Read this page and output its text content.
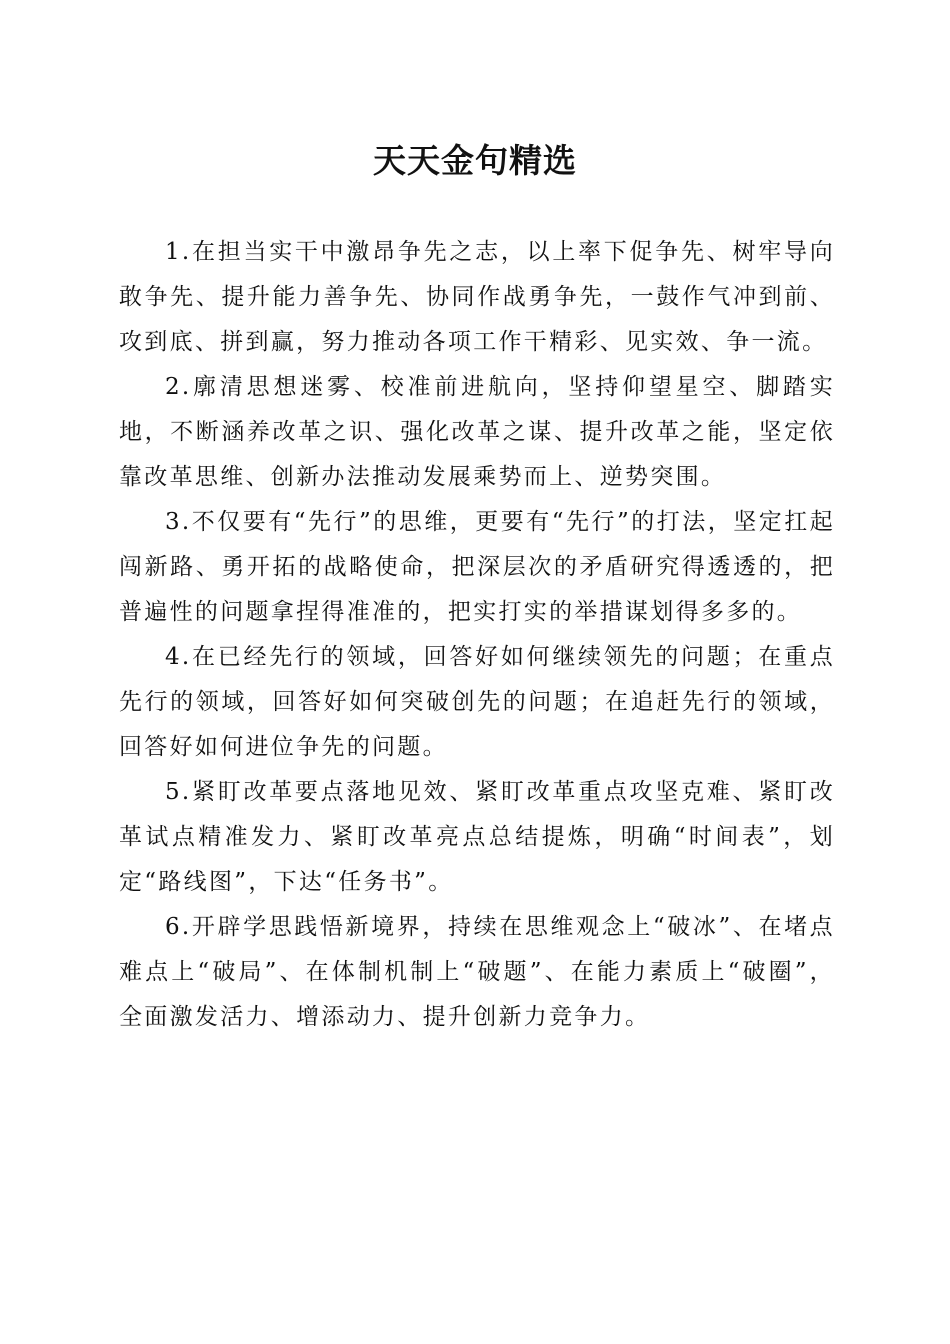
天天金句精选

1.在担当实干中激昂争先之志，以上率下促争先、树牢导向敢争先、提升能力善争先、协同作战勇争先，一鼓作气冲到前、攻到底、拼到赢，努力推动各项工作干精彩、见实效、争一流。

2.廓清思想迷雾、校准前进航向，坚持仰望星空、脚踏实地，不断涵养改革之识、强化改革之谋、提升改革之能，坚定依靠改革思维、创新办法推动发展乘势而上、逆势突围。

3.不仅要有“先行”的思维，更要有“先行”的打法，坚定扛起闯新路、勇开拓的战略使命，把深层次的矛盾研究得透透的，把普遍性的问题拿捏得准准的，把实打实的举措谋划得多多的。

4.在已经先行的领域，回答好如何继续领先的问题；在重点先行的领域，回答好如何突破创先的问题；在追赶先行的领域，回答好如何进位争先的问题。

5.紧盯改革要点落地见效、紧盯改革重点攻坚克难、紧盯改革试点精准发力、紧盯改革亮点总结提炼，明确“时间表”，划定“路线图”，下达“任务书”。

6.开辟学思践悟新境界，持续在思维观念上“破冰”、在堵点难点上“破局”、在体制机制上“破题”、在能力素质上“破圈”，全面激发活力、增添动力、提升创新力竞争力。
